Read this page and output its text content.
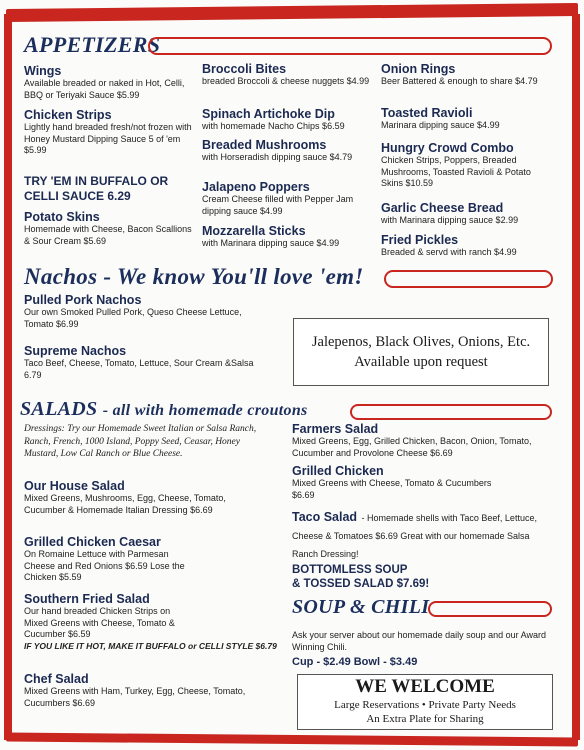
APPETIZERS
Wings
Available breaded or naked in Hot, Celli, BBQ or Teriyaki Sauce $5.99
Chicken Strips
Lightly hand breaded fresh/not frozen with Honey Mustard Dipping Sauce 5 of 'em $5.99
TRY 'EM IN BUFFALO OR CELLI SAUCE 6.29
Potato Skins
Homemade with Cheese, Bacon Scallions & Sour Cream $5.69
Broccoli Bites
breaded Broccoli & cheese nuggets $4.99
Spinach Artichoke Dip
with homemade Nacho Chips $6.59
Breaded Mushrooms
with Horseradish dipping sauce $4.79
Jalapeno Poppers
Cream Cheese filled with Pepper Jam dipping sauce $4.99
Mozzarella Sticks
with Marinara dipping sauce $4.99
Onion Rings
Beer Battered & enough to share $4.79
Toasted Ravioli
Marinara dipping sauce $4.99
Hungry Crowd Combo
Chicken Strips, Poppers, Breaded Mushrooms, Toasted Ravioli & Potato Skins $10.59
Garlic Cheese Bread
with Marinara dipping sauce $2.99
Fried Pickles
Breaded & servd with ranch $4.99
Nachos - We know You'll love 'em!
Pulled Pork Nachos
Our own Smoked Pulled Pork, Queso Cheese Lettuce, Tomato $6.99
Supreme Nachos
Taco Beef, Cheese, Tomato, Lettuce, Sour Cream &Salsa 6.79
Jalepenos, Black Olives, Onions, Etc.
Available upon request
SALADS - all with homemade croutons
Dressings: Try our Homemade Sweet Italian or Salsa Ranch, Ranch, French, 1000 Island, Poppy Seed, Ceasar, Honey Mustard, Low Cal Ranch or Blue Cheese.
Our House Salad
Mixed Greens, Mushrooms, Egg, Cheese, Tomato, Cucumber & Homemade Italian Dressing $6.69
Grilled Chicken Caesar
On Romaine Lettuce with Parmesan Cheese and Red Onions $6.59 Lose the Chicken $5.59
Southern Fried Salad
Our hand breaded Chicken Strips on Mixed Greens with Cheese, Tomato & Cucumber $6.59
IF YOU LIKE IT HOT, MAKE IT BUFFALO or CELLI STYLE $6.79
Chef Salad
Mixed Greens with Ham, Turkey, Egg, Cheese, Tomato, Cucumbers $6.69
Farmers Salad
Mixed Greens, Egg, Grilled Chicken, Bacon, Onion, Tomato, Cucumber and Provolone Cheese $6.69
Grilled Chicken
Mixed Greens with Cheese, Tomato & Cucumbers $6.69
Taco Salad - Homemade shells with Taco Beef, Lettuce, Cheese & Tomatoes $6.69 Great with our homemade Salsa Ranch Dressing!
BOTTOMLESS SOUP
& TOSSED SALAD $7.69!
SOUP & CHILI
Ask your server about our homemade daily soup and our Award Winning Chili.
Cup - $2.49 Bowl - $3.49
WE WELCOME
Large Reservations • Private Party Needs
An Extra Plate for Sharing
